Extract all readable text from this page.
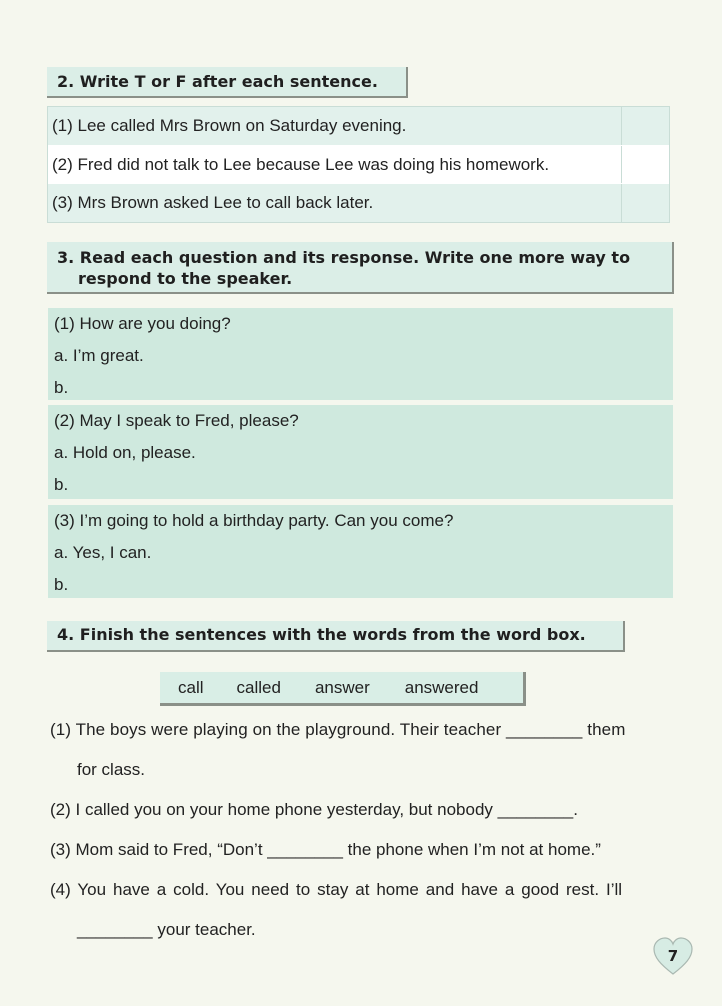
2. Write T or F after each sentence.
(1) Lee called Mrs Brown on Saturday evening.
(2) Fred did not talk to Lee because Lee was doing his homework.
(3) Mrs Brown asked Lee to call back later.
3. Read each question and its response. Write one more way to
respond to the speaker.
(1) How are you doing?
a. I’m great.
b.
(2) May I speak to Fred, please?
a. Hold on, please.
b.
(3) I’m going to hold a birthday party. Can you come?
a. Yes, I can.
b.
4. Finish the sentences with the words from the word box.
call called answer answered
(1) The boys were playing on the playground. Their teacher ________ them
for class.
(2) I called you on your home phone yesterday, but nobody ________.
(3) Mom said to Fred, “Don’t ________ the phone when I’m not at home.”
(4) You have a cold. You need to stay at home and have a good rest. I’ll
________ your teacher.
7
